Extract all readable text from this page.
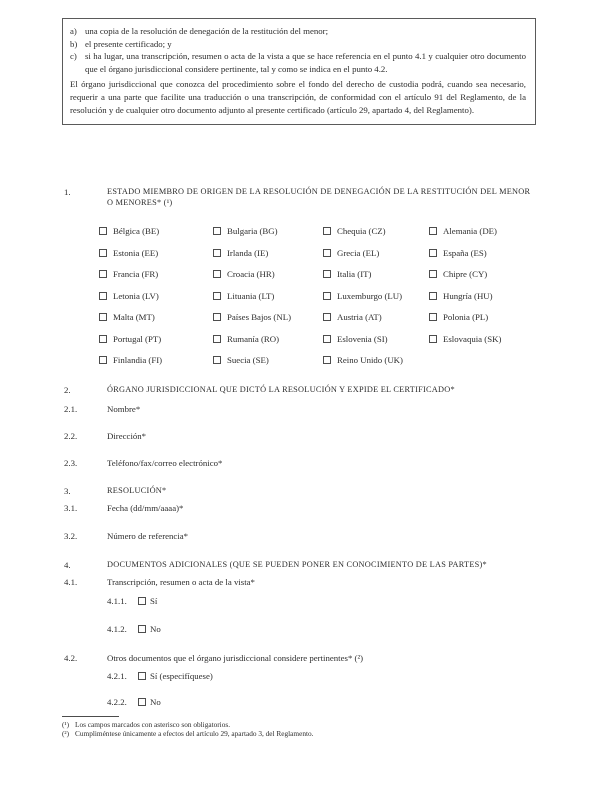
a) una copia de la resolución de denegación de la restitución del menor;
b) el presente certificado; y
c) si ha lugar, una transcripción, resumen o acta de la vista a que se hace referencia en el punto 4.1 y cualquier otro documento que el órgano jurisdiccional considere pertinente, tal y como se indica en el punto 4.2.
El órgano jurisdiccional que conozca del procedimiento sobre el fondo del derecho de custodia podrá, cuando sea necesario, requerir a una parte que facilite una traducción o una transcripción, de conformidad con el artículo 91 del Reglamento, de la resolución y de cualquier otro documento adjunto al presente certificado (artículo 29, apartado 4, del Reglamento).
1.	ESTADO MIEMBRO DE ORIGEN DE LA RESOLUCIÓN DE DENEGACIÓN DE LA RESTITUCIÓN DEL MENOR O MENORES* (¹)
Bélgica (BE)	Bulgaria (BG)	Chequia (CZ)	Alemania (DE)
Estonia (EE)	Irlanda (IE)	Grecia (EL)	España (ES)
Francia (FR)	Croacia (HR)	Italia (IT)	Chipre (CY)
Letonia (LV)	Lituania (LT)	Luxemburgo (LU)	Hungría (HU)
Malta (MT)	Países Bajos (NL)	Austria (AT)	Polonia (PL)
Portugal (PT)	Rumanía (RO)	Eslovenia (SI)	Eslovaquia (SK)
Finlandia (FI)	Suecia (SE)	Reino Unido (UK)
2.	ÓRGANO JURISDICCIONAL QUE DICTÓ LA RESOLUCIÓN Y EXPIDE EL CERTIFICADO*
2.1.	Nombre*
2.2.	Dirección*
2.3.	Teléfono/fax/correo electrónico*
3.	RESOLUCIÓN*
3.1.	Fecha (dd/mm/aaaa)*
3.2.	Número de referencia*
4.	DOCUMENTOS ADICIONALES (QUE SE PUEDEN PONER EN CONOCIMIENTO DE LAS PARTES)*
4.1.	Transcripción, resumen o acta de la vista*
4.1.1.	Sí
4.1.2.	No
4.2.	Otros documentos que el órgano jurisdiccional considere pertinentes* (²)
4.2.1.	Sí (especifíquese)
4.2.2.	No
(¹) Los campos marcados con asterisco son obligatorios.
(²) Cumpliméntese únicamente a efectos del artículo 29, apartado 3, del Reglamento.
